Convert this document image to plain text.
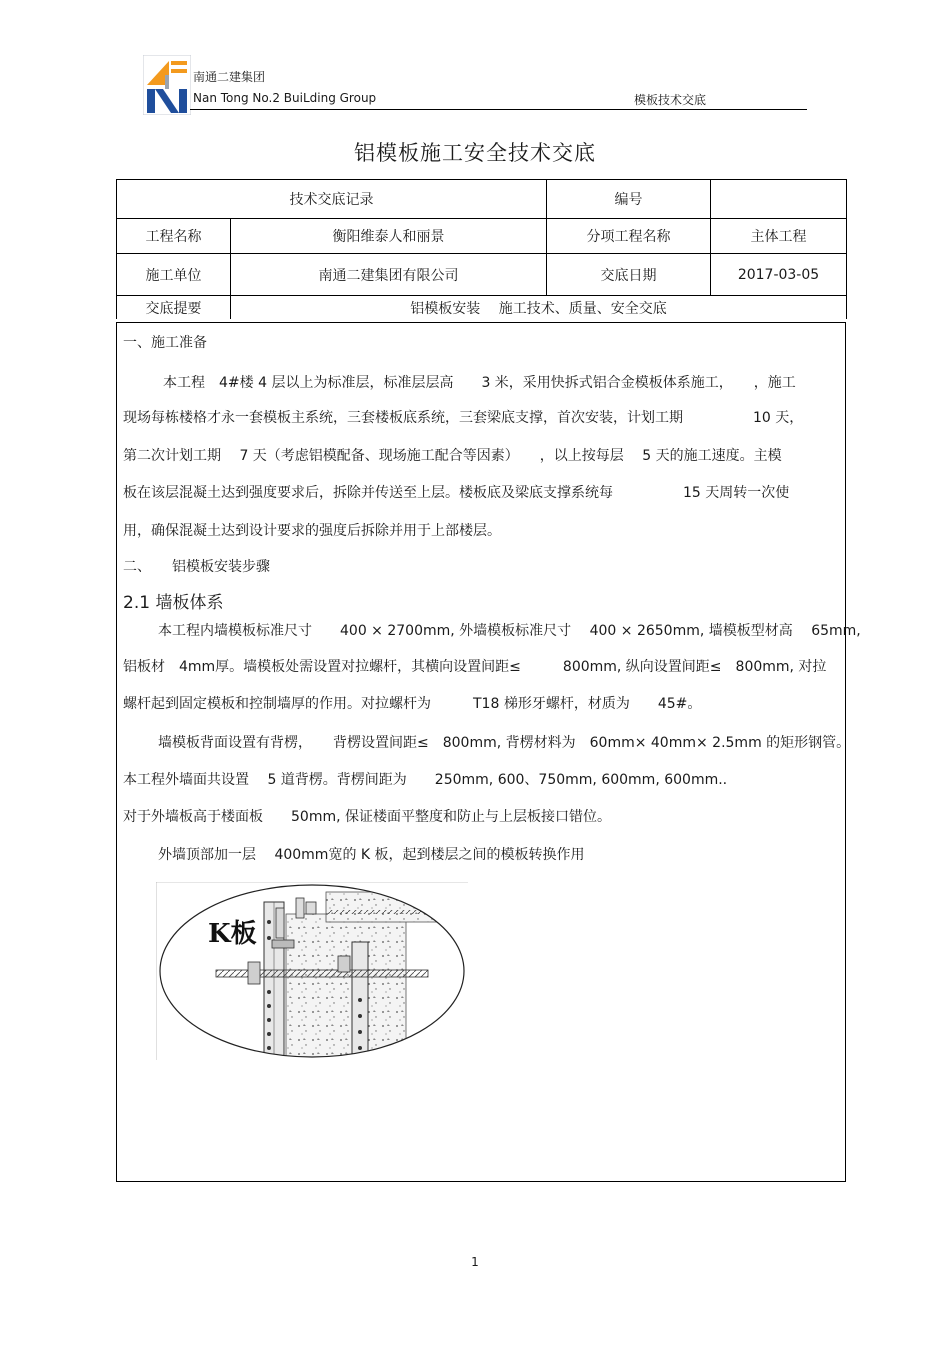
南通二建集团
Nan Tong No.2 BuiLding Group	模板技术交底
铝模板施工安全技术交底
技术交底记录		编号	
工程名称	衡阳维泰人和丽景	分项工程名称	主体工程
施工单位	南通二建集团有限公司	交底日期	2017-03-05
交底提要	铝模板安装　 施工技术、质量、安全交底		
一、施工准备
本工程　4#楼 4 层以上为标准层，标准层层高　　3 米，采用快拆式铝合金模板体系施工，　　，施工
现场每栋楼格才永一套模板主系统，三套楼板底系统，三套梁底支撑，首次安装，计划工期　　　　　10 天，
第二次计划工期　 7 天（考虑铝模配备、现场施工配合等因素）　　，以上按每层　 5 天的施工速度。主模
板在该层混凝土达到强度要求后，拆除并传送至上层。楼板底及梁底支撑系统每　　　　　15 天周转一次使
用，确保混凝土达到设计要求的强度后拆除并用于上部楼层。
二、　　铝模板安装步骤
2.1 墙板体系
本工程内墙模板标准尺寸　　400 × 2700mm, 外墙模板标准尺寸　 400 × 2650mm, 墙模板型材高　 65mm,
铝板材　4mm厚。墙模板处需设置对拉螺杆，其横向设置间距≤　　　800mm, 纵向设置间距≤　800mm, 对拉
螺杆起到固定模板和控制墙厚的作用。对拉螺杆为　　　T18 梯形牙螺杆，材质为　　45#。
墙模板背面设置有背楞，　　背楞设置间距≤　800mm, 背楞材料为　60mm× 40mm× 2.5mm 的矩形钢管。
本工程外墙面共设置　 5 道背楞。背楞间距为　　250mm, 600、750mm, 600mm, 600mm..
对于外墙板高于楼面板　　50mm, 保证楼面平整度和防止与上层板接口错位。
外墙顶部加一层　 400mm宽的 K 板，起到楼层之间的模板转换作用
K板
1
